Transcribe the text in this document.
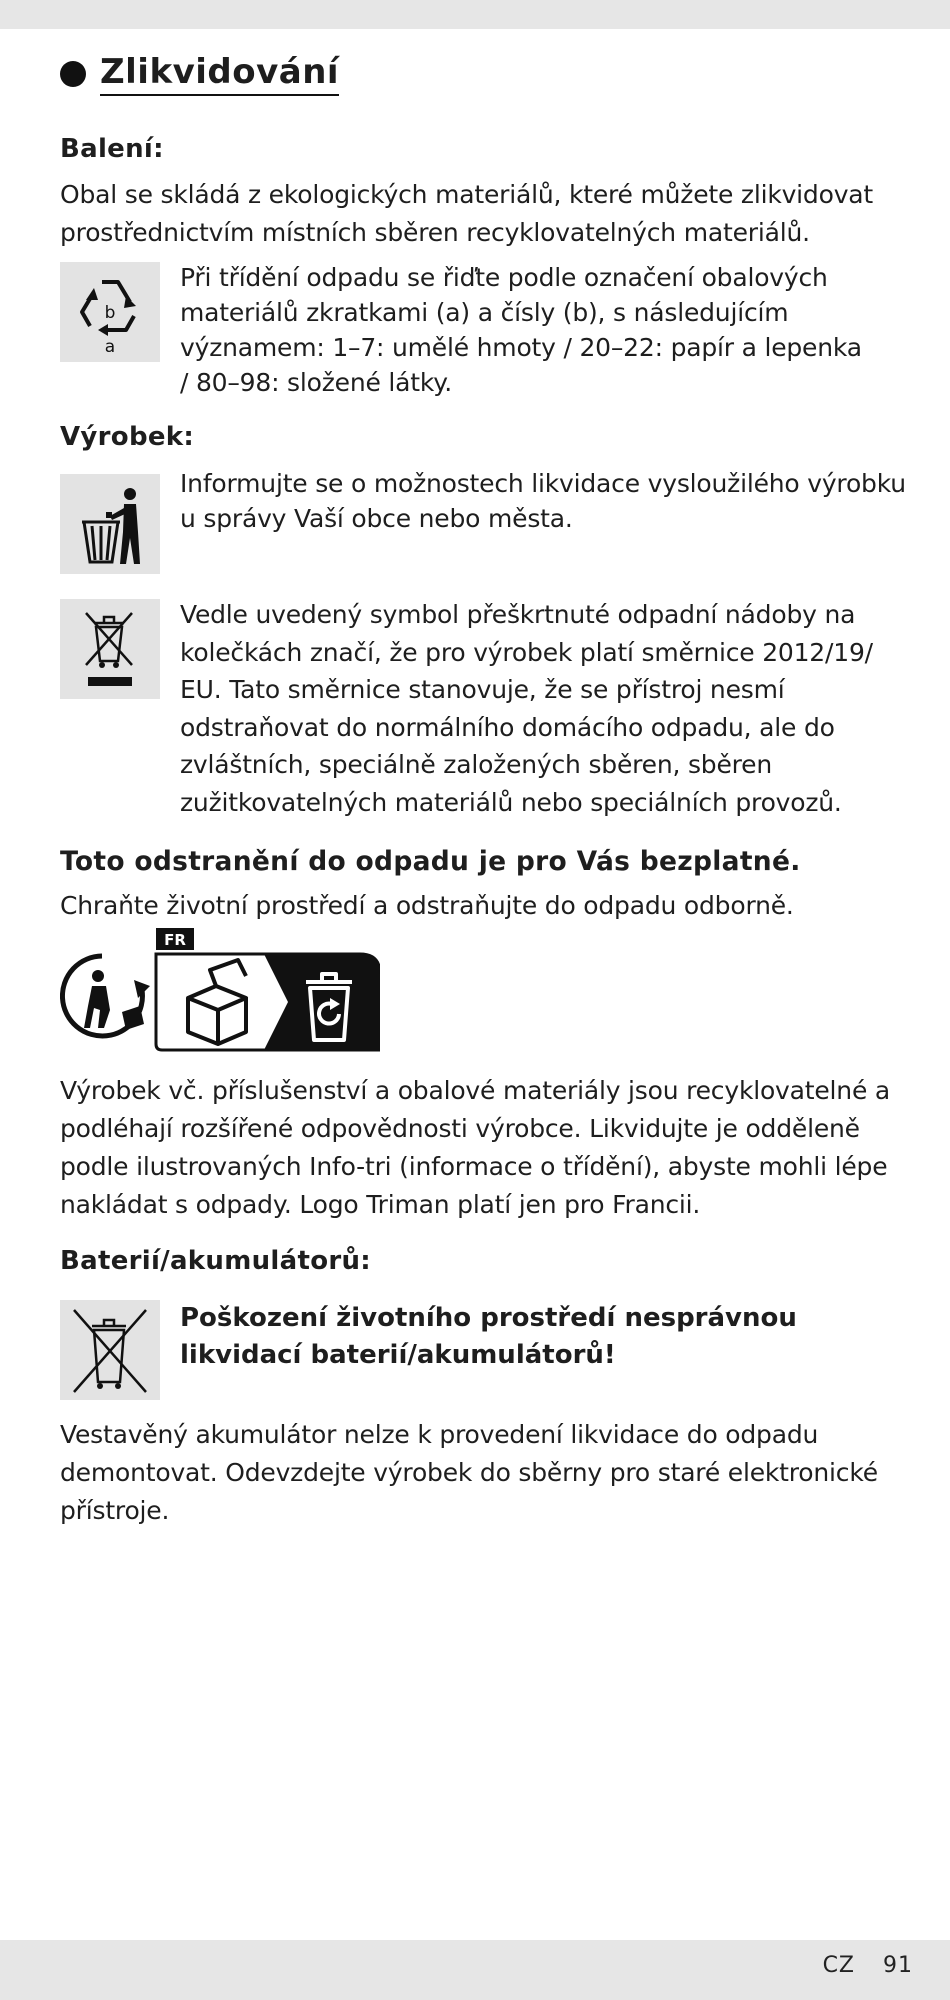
Zlikvidování
Balení:
Obal se skládá z ekologických materiálů, které můžete zlikvidovat
prostřednictvím místních sběren recyklovatelných materiálů.
b
a
Při třídění odpadu se řiďte podle označení obalových
materiálů zkratkami (a) a čísly (b), s následujícím
významem: 1–7: umělé hmoty / 20–22: papír a lepenka
/ 80–98: složené látky.
Výrobek:
Informujte se o možnostech likvidace vysloužilého výrobku
u správy Vaší obce nebo města.
Vedle uvedený symbol přeškrtnuté odpadní nádoby na
kolečkách značí, že pro výrobek platí směrnice 2012/19/
EU. Tato směrnice stanovuje, že se přístroj nesmí
odstraňovat do normálního domácího odpadu, ale do
zvláštních, speciálně založených sběren, sběren
zužitkovatelných materiálů nebo speciálních provozů.
Toto odstranění do odpadu je pro Vás bezplatné.
Chraňte životní prostředí a odstraňujte do odpadu odborně.
FR
Výrobek vč. příslušenství a obalové materiály jsou recyklovatelné a
podléhají rozšířené odpovědnosti výrobce. Likvidujte je odděleně
podle ilustrovaných Info-tri (informace o třídění), abyste mohli lépe
nakládat s odpady. Logo Triman platí jen pro Francii.
Baterií/akumulátorů:
Poškození životního prostředí nesprávnou
likvidací baterií/akumulátorů!
Vestavěný akumulátor nelze k provedení likvidace do odpadu
demontovat. Odevzdejte výrobek do sběrny pro staré elektronické
přístroje.
CZ 91
